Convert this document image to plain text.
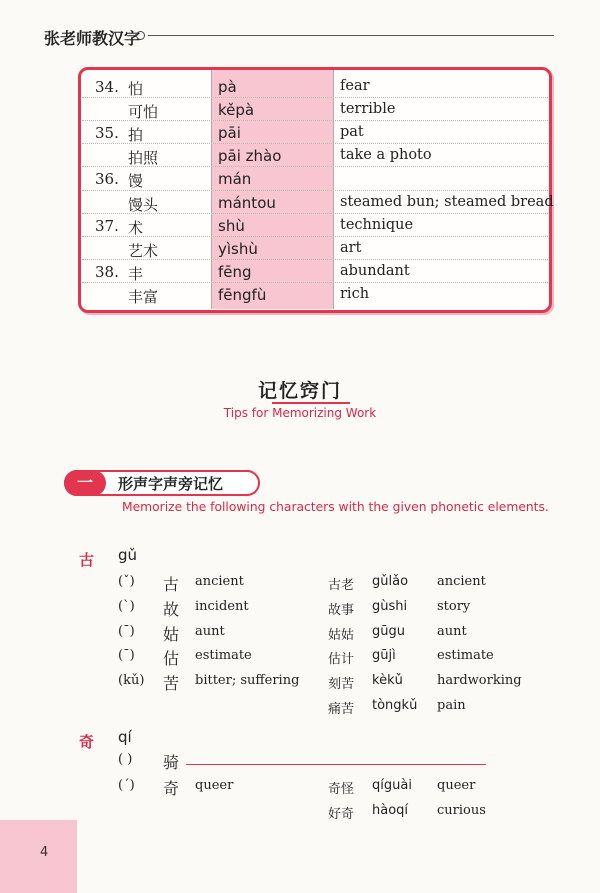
张老师教汉字
34. 怕	pà	fear
可怕	kěpà	terrible
35. 拍	pāi	pat
拍照	pāi zhào	take a photo
36. 馒	mán
馒头	mántou	steamed bun; steamed bread
37. 术	shù	technique
艺术	yìshù	art
38. 丰	fēng	abundant
丰富	fēngfù	rich
记忆窍门
Tips for Memorizing Work
一	形声字声旁记忆
Memorize the following characters with the given phonetic elements.
古 gǔ
(ˇ) 古 ancient	古老 gǔlǎo ancient
(ˋ) 故 incident	故事 gùshi story
(ˉ) 姑 aunt	姑姑 gūgu aunt
(ˉ) 估 estimate	估计 gūjì	estimate
(kǔ) 苦 bitter; suffering 刻苦 kèkǔ	hardworking
痛苦 tòngkǔ pain
奇 qí
( ) 骑
(ˊ) 奇 queer	奇怪 qíguài queer
好奇 hàoqí curious
4
